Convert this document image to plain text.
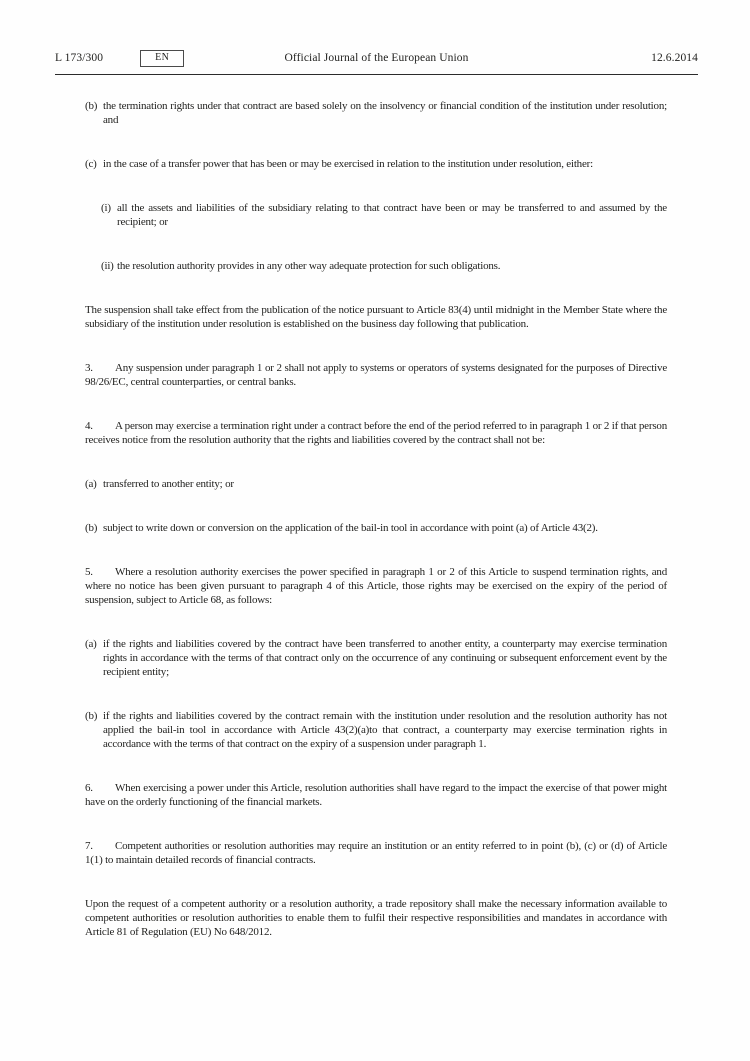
L 173/300	EN	Official Journal of the European Union	12.6.2014

(b) the termination rights under that contract are based solely on the insolvency or financial condition of the institution under resolution; and

(c) in the case of a transfer power that has been or may be exercised in relation to the institution under resolution, either:

(i) all the assets and liabilities of the subsidiary relating to that contract have been or may be transferred to and assumed by the recipient; or

(ii) the resolution authority provides in any other way adequate protection for such obligations.

The suspension shall take effect from the publication of the notice pursuant to Article 83(4) until midnight in the Member State where the subsidiary of the institution under resolution is established on the business day following that publication.

3. Any suspension under paragraph 1 or 2 shall not apply to systems or operators of systems designated for the purposes of Directive 98/26/EC, central counterparties, or central banks.

4. A person may exercise a termination right under a contract before the end of the period referred to in paragraph 1 or 2 if that person receives notice from the resolution authority that the rights and liabilities covered by the contract shall not be:

(a) transferred to another entity; or

(b) subject to write down or conversion on the application of the bail-in tool in accordance with point (a) of Article 43(2).

5. Where a resolution authority exercises the power specified in paragraph 1 or 2 of this Article to suspend termination rights, and where no notice has been given pursuant to paragraph 4 of this Article, those rights may be exercised on the expiry of the period of suspension, subject to Article 68, as follows:

(a) if the rights and liabilities covered by the contract have been transferred to another entity, a counterparty may exercise termination rights in accordance with the terms of that contract only on the occurrence of any continuing or subsequent enforcement event by the recipient entity;

(b) if the rights and liabilities covered by the contract remain with the institution under resolution and the resolution authority has not applied the bail-in tool in accordance with Article 43(2)(a)to that contract, a counterparty may exercise termination rights in accordance with the terms of that contract on the expiry of a suspension under paragraph 1.

6. When exercising a power under this Article, resolution authorities shall have regard to the impact the exercise of that power might have on the orderly functioning of the financial markets.

7. Competent authorities or resolution authorities may require an institution or an entity referred to in point (b), (c) or (d) of Article 1(1) to maintain detailed records of financial contracts.

Upon the request of a competent authority or a resolution authority, a trade repository shall make the necessary information available to competent authorities or resolution authorities to enable them to fulfil their respective responsibilities and mandates in accordance with Article 81 of Regulation (EU) No 648/2012.
